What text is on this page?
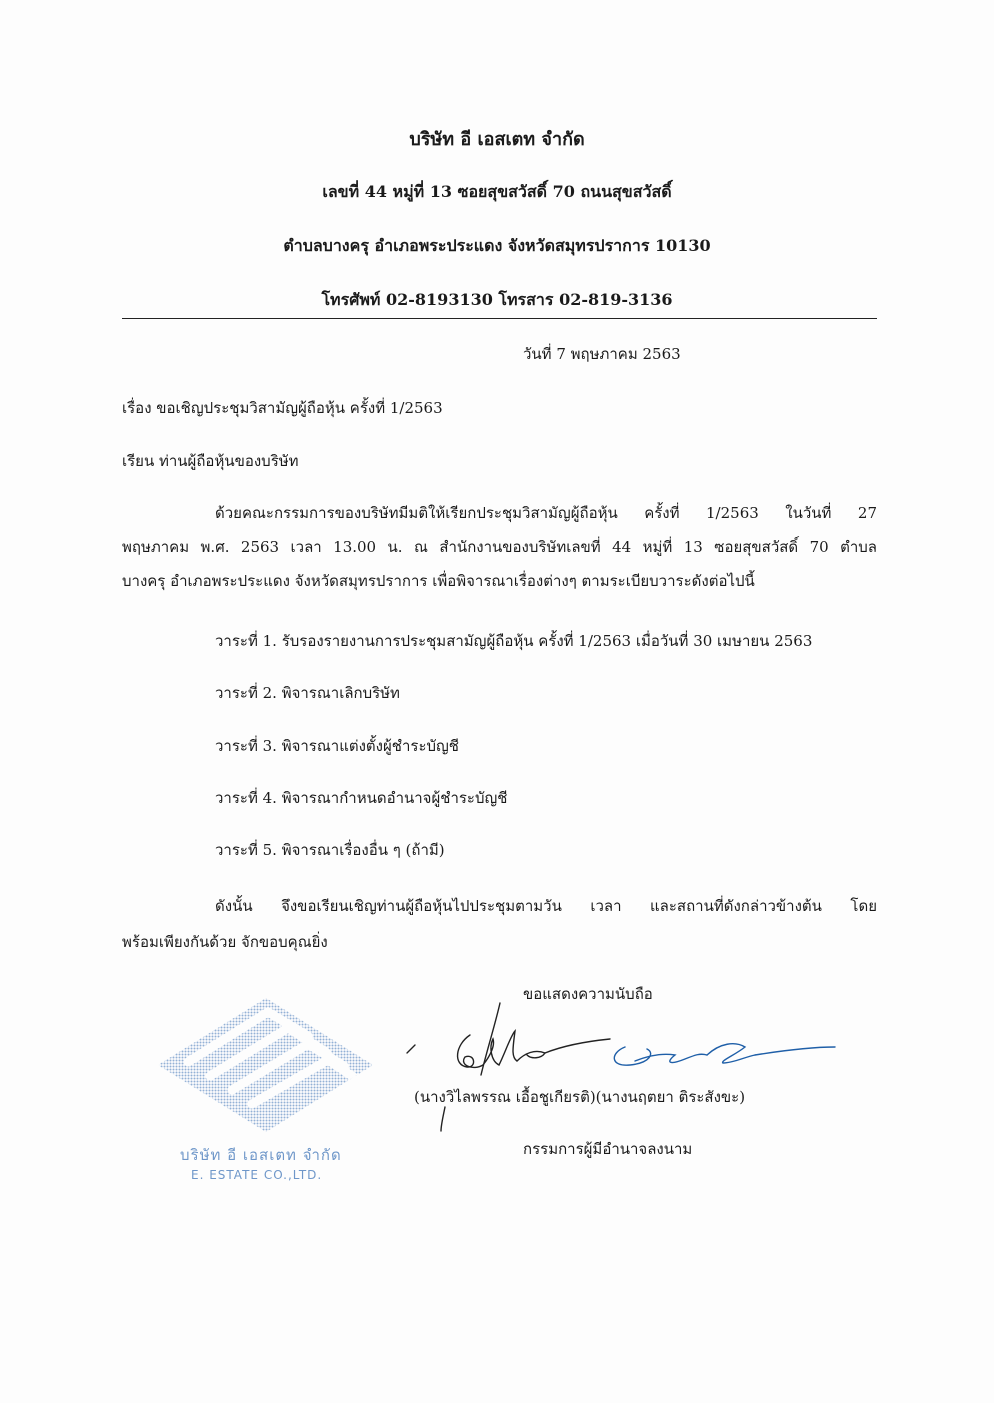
บริษัท อี เอสเตท จำกัด
เลขที่ 44 หมู่ที่ 13 ซอยสุขสวัสดิ์ 70 ถนนสุขสวัสดิ์
ตำบลบางครุ อำเภอพระประแดง จังหวัดสมุทรปราการ 10130
โทรศัพท์ 02-8193130 โทรสาร 02-819-3136
วันที่ 7 พฤษภาคม 2563
เรื่อง ขอเชิญประชุมวิสามัญผู้ถือหุ้น ครั้งที่ 1/2563
เรียน ท่านผู้ถือหุ้นของบริษัท
ด้วยคณะกรรมการของบริษัทมีมติให้เรียกประชุมวิสามัญผู้ถือหุ้น ครั้งที่ 1/2563 ในวันที่ 27
พฤษภาคม พ.ศ. 2563 เวลา 13.00 น. ณ สำนักงานของบริษัทเลขที่ 44 หมู่ที่ 13 ซอยสุขสวัสดิ์ 70 ตำบล
บางครุ อำเภอพระประแดง จังหวัดสมุทรปราการ เพื่อพิจารณาเรื่องต่างๆ ตามระเบียบวาระดังต่อไปนี้
วาระที่ 1. รับรองรายงานการประชุมสามัญผู้ถือหุ้น ครั้งที่ 1/2563 เมื่อวันที่ 30 เมษายน 2563
วาระที่ 2. พิจารณาเลิกบริษัท
วาระที่ 3. พิจารณาแต่งตั้งผู้ชำระบัญชี
วาระที่ 4. พิจารณากำหนดอำนาจผู้ชำระบัญชี
วาระที่ 5. พิจารณาเรื่องอื่น ๆ (ถ้ามี)
ดังนั้น จึงขอเรียนเชิญท่านผู้ถือหุ้นไปประชุมตามวัน เวลา และสถานที่ดังกล่าวข้างต้น โดย
พร้อมเพียงกันด้วย จักขอบคุณยิ่ง
ขอแสดงความนับถือ
บริษัท อี เอสเตท จำกัด
E. ESTATE CO.,LTD.
(นางวิไลพรรณ เอื้อชูเกียรติ)(นางนฤตยา ติระสังขะ)
กรรมการผู้มีอำนาจลงนาม
